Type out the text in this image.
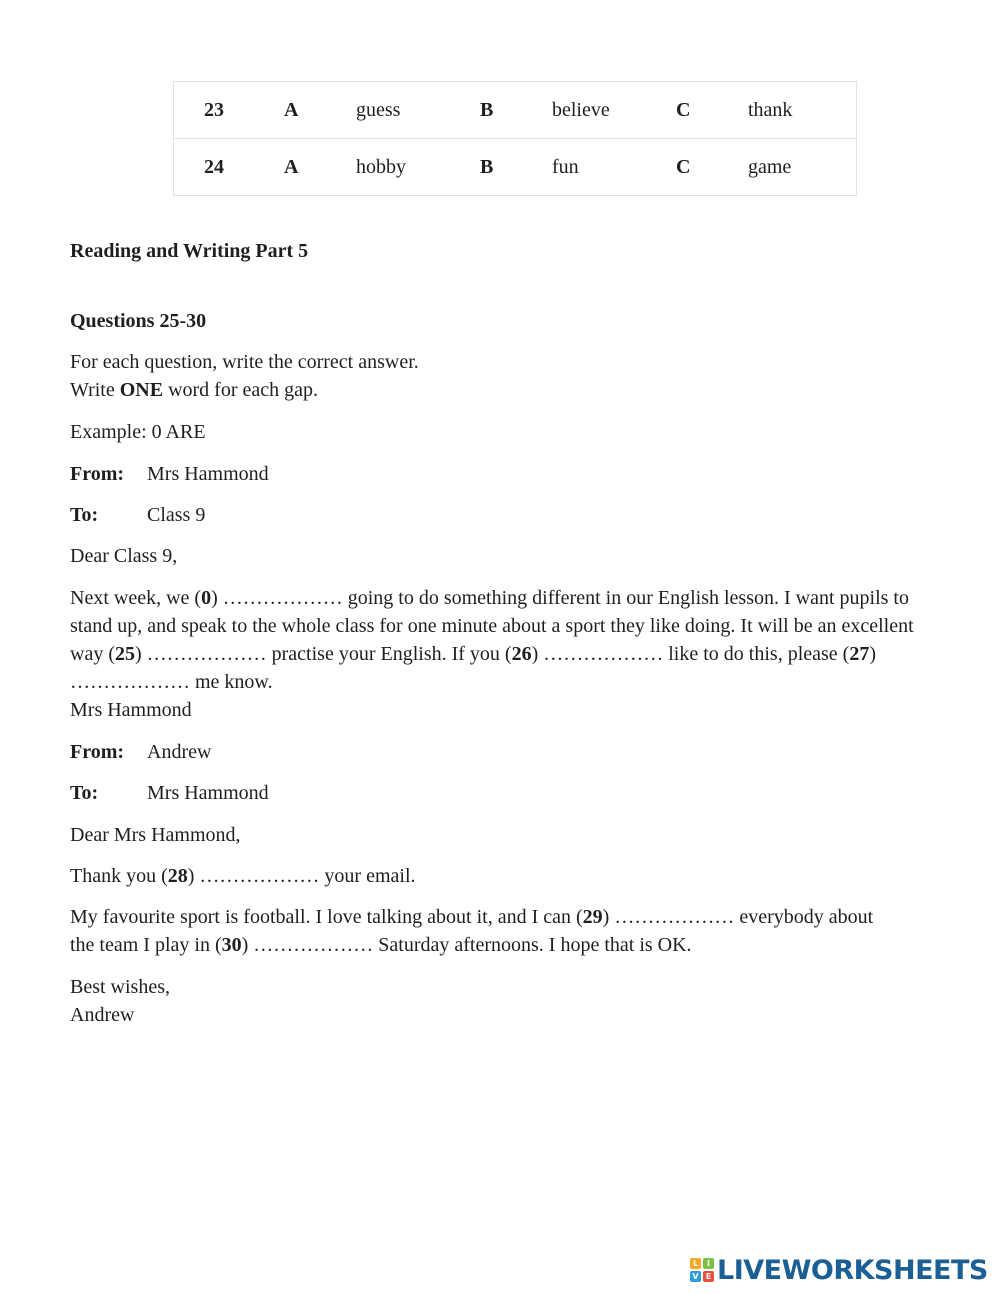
23	A	guess	B	believe	C	thank
24	A	hobby	B	fun	C	game
Reading and Writing Part 5
Questions 25-30
For each question, write the correct answer.
Write ONE word for each gap.
Example: 0 ARE
From: Mrs Hammond
To: Class 9
Dear Class 9,
Next week, we (0) ……………… going to do something different in our English lesson. I want pupils to stand up, and speak to the whole class for one minute about a sport they like doing. It will be an excellent way (25) ……………… practise your English. If you (26) ……………… like to do this, please (27) ……………… me know.
Mrs Hammond
From: Andrew
To: Mrs Hammond
Dear Mrs Hammond,
Thank you (28) ……………… your email.
My favourite sport is football. I love talking about it, and I can (29) ……………… everybody about the team I play in (30) ……………… Saturday afternoons. I hope that is OK.
Best wishes,
Andrew
L	I
V E LIVEWORKSHEETS
